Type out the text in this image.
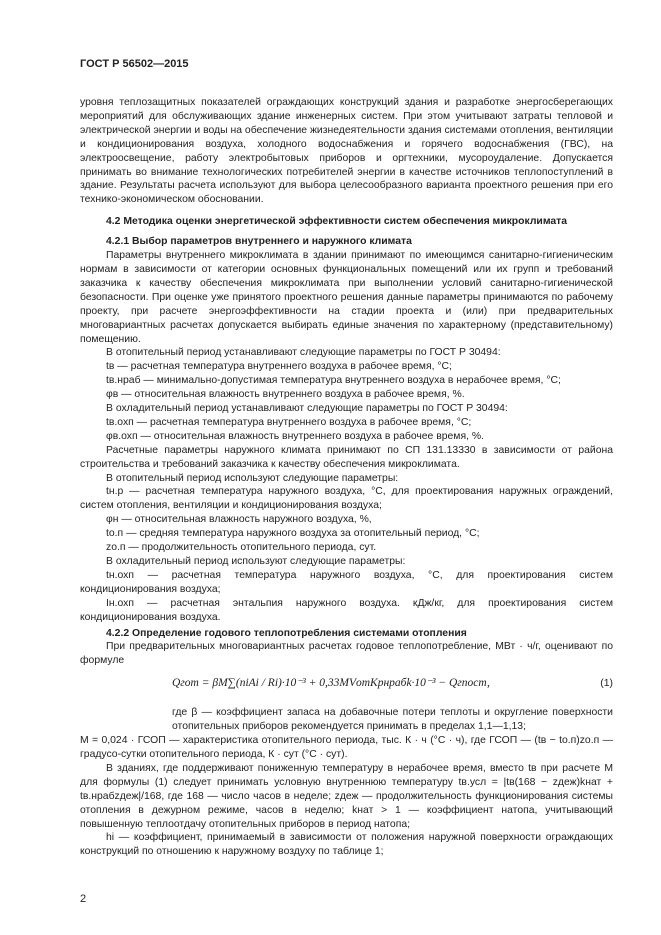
ГОСТ Р 56502—2015

уровня теплозащитных показателей ограждающих конструкций здания и разработке энергосберегающих мероприятий для обслуживающих здание инженерных систем. При этом учитывают затраты тепловой и электрической энергии и воды на обеспечение жизнедеятельности здания системами отопления, вентиляции и кондиционирования воздуха, холодного водоснабжения и горячего водоснабжения (ГВС), на электроосвещение, работу электробытовых приборов и оргтехники, мусороудаление. Допускается принимать во внимание технологических потребителей энергии в качестве источников теплопоступлений в здание. Результаты расчета используют для выбора целесообразного варианта проектного решения при его технико-экономическом обосновании.

4.2 Методика оценки энергетической эффективности систем обеспечения микроклимата

4.2.1 Выбор параметров внутреннего и наружного климата

Параметры внутреннего микроклимата в здании принимают по имеющимся санитарно-гигиеническим нормам в зависимости от категории основных функциональных помещений или их групп и требований заказчика к качеству обеспечения микроклимата при выполнении условий санитарно-гигиенической безопасности. При оценке уже принятого проектного решения данные параметры принимаются по рабочему проекту, при расчете энергоэффективности на стадии проекта и (или) при предварительных многовариантных расчетах допускается выбирать единые значения по характерному (представительному) помещению.

В отопительный период устанавливают следующие параметры по ГОСТ Р 30494:

tв — расчетная температура внутреннего воздуха в рабочее время, °С;

tв.нраб — минимально-допустимая температура внутреннего воздуха в нерабочее время, °С;

φв — относительная влажность внутреннего воздуха в рабочее время, %.

В охладительный период устанавливают следующие параметры по ГОСТ Р 30494:

tв.охп — расчетная температура внутреннего воздуха в рабочее время, °С;

φв.охп — относительная влажность внутреннего воздуха в рабочее время, %.

Расчетные параметры наружного климата принимают по СП 131.13330 в зависимости от района строительства и требований заказчика к качеству обеспечения микроклимата.

В отопительный период используют следующие параметры:

tн.р — расчетная температура наружного воздуха, °С, для проектирования наружных ограждений, систем отопления, вентиляции и кондиционирования воздуха;

φн — относительная влажность наружного воздуха, %,

tо.п — средняя температура наружного воздуха за отопительный период, °С;

zо.п — продолжительность отопительного периода, сут.

В охладительный период используют следующие параметры:

tн.охп — расчетная температура наружного воздуха, °С, для проектирования систем кондиционирования воздуха;

Iн.охп — расчетная энтальпия наружного воздуха. кДж/кг, для проектирования систем кондиционирования воздуха.

4.2.2 Определение годового теплопотребления системами отопления

При предварительных многовариантных расчетах годовое теплопотребление, МВт · ч/г, оценивают по формуле

Qгот = βM∑(niAi / Ri)·10⁻³ + 0,33MVотKpнрабk·10⁻³ − Qгпост,	(1)

где β — коэффициент запаса на добавочные потери теплоты и округление поверхности отопительных приборов рекомендуется принимать в пределах 1,1—1,13;

M = 0,024 · ГСОП — характеристика отопительного периода, тыс. К · ч (°С · ч), где ГСОП — (tв − tо.п)zо.п — градусо-сутки отопительного периода, К · сут (°С · сут).

В зданиях, где поддерживают пониженную температуру в нерабочее время, вместо tв при расчете M для формулы (1) следует принимать условную внутреннюю температуру tв.усл = |tв(168 − zдеж)kнат + tв.нрабzдеж|/168, где 168 — число часов в неделе; zдеж — продолжительность функционирования системы отопления в дежурном режиме, часов в неделю; kнат > 1 — коэффициент натопа, учитывающий повышенную теплоотдачу отопительных приборов в период натопа;

hi — коэффициент, принимаемый в зависимости от положения наружной поверхности ограждающих конструкций по отношению к наружному воздуху по таблице 1;

2
